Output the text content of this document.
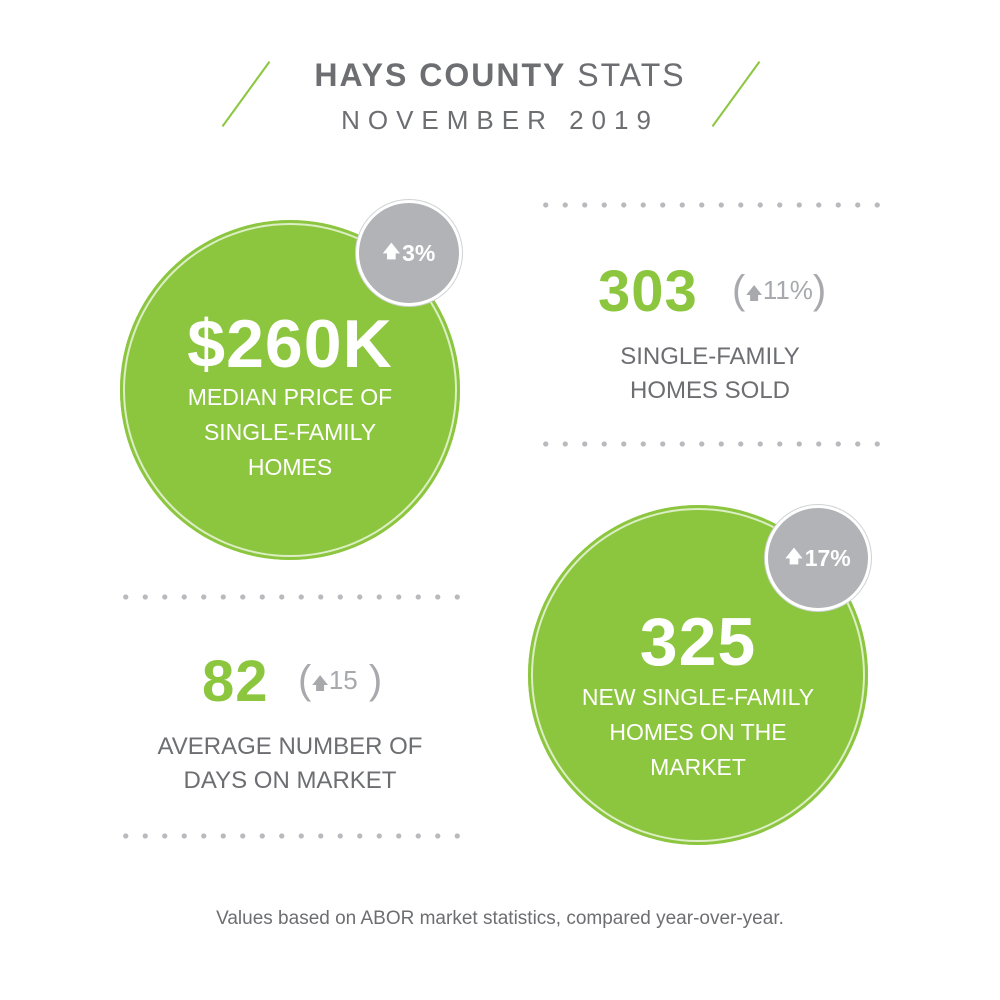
HAYS COUNTY STATS
NOVEMBER 2019
$260K
MEDIAN PRICE OF
SINGLE-FAMILY
HOMES
🡅 3%
303 (🡅11%)
SINGLE-FAMILY
HOMES SOLD
82 (🡅15 )
AVERAGE NUMBER OF
DAYS ON MARKET
325
NEW SINGLE-FAMILY
HOMES ON THE
MARKET
🡅 17%
Values based on ABOR market statistics, compared year-over-year.
